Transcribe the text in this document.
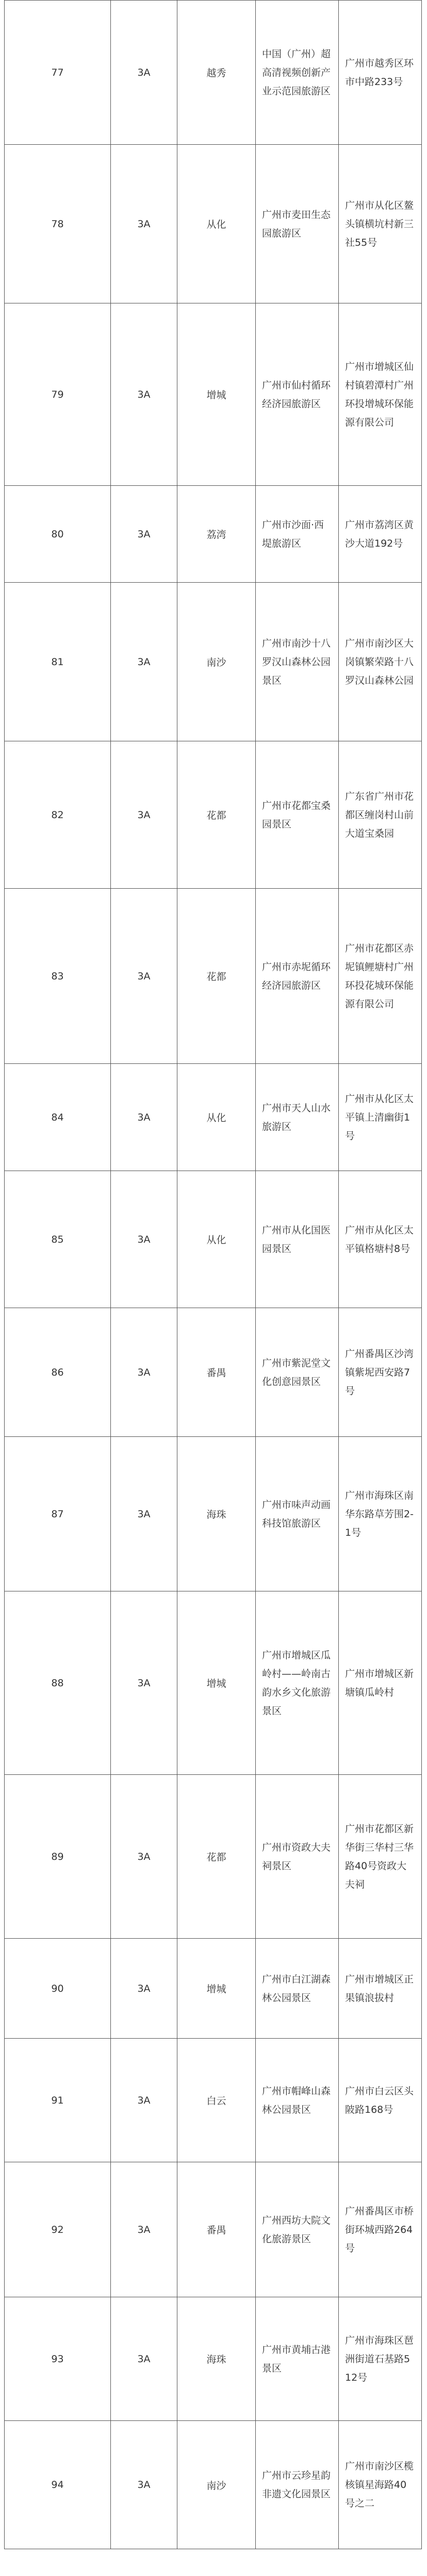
77	3A	越秀	中国（广州）超高清视频创新产业示范园旅游区	广州市越秀区环市中路233号
78	3A	从化	广州市麦田生态园旅游区	广州市从化区鳌头镇横坑村新三社55号
79	3A	增城	广州市仙村循环经济园旅游区	广州市增城区仙村镇碧潭村广州环投增城环保能源有限公司
80	3A	荔湾	广州市沙面·西堤旅游区	广州市荔湾区黄沙大道192号
81	3A	南沙	广州市南沙十八罗汉山森林公园景区	广州市南沙区大岗镇繁荣路十八罗汉山森林公园
82	3A	花都	广州市花都宝桑园景区	广东省广州市花都区缠岗村山前大道宝桑园
83	3A	花都	广州市赤坭循环经济园旅游区	广州市花都区赤坭镇鲤塘村广州环投花城环保能源有限公司
84	3A	从化	广州市天人山水旅游区	广州市从化区太平镇上清幽街1号
85	3A	从化	广州市从化国医园景区	广州市从化区太平镇格塘村8号
86	3A	番禺	广州市紫泥堂文化创意园景区	广州番禺区沙湾镇紫坭西安路7号
87	3A	海珠	广州市味声动画科技馆旅游区	广州市海珠区南华东路草芳围2-1号
88	3A	增城	广州市增城区瓜岭村——岭南古韵水乡文化旅游景区	广州市增城区新塘镇瓜岭村
89	3A	花都	广州市资政大夫祠景区	广州市花都区新华街三华村三华路40号资政大夫祠
90	3A	增城	广州市白江湖森林公园景区	广州市增城区正果镇浪拔村
91	3A	白云	广州市帽峰山森林公园景区	广州市白云区头陂路168号
92	3A	番禺	广州西坊大院文化旅游景区	广州番禺区市桥街环城西路264号
93	3A	海珠	广州市黄埔古港景区	广州市海珠区琶洲街道石基路512号
94	3A	南沙	广州市云珍星韵非遗文化园景区	广州市南沙区榄核镇星海路40号之二
